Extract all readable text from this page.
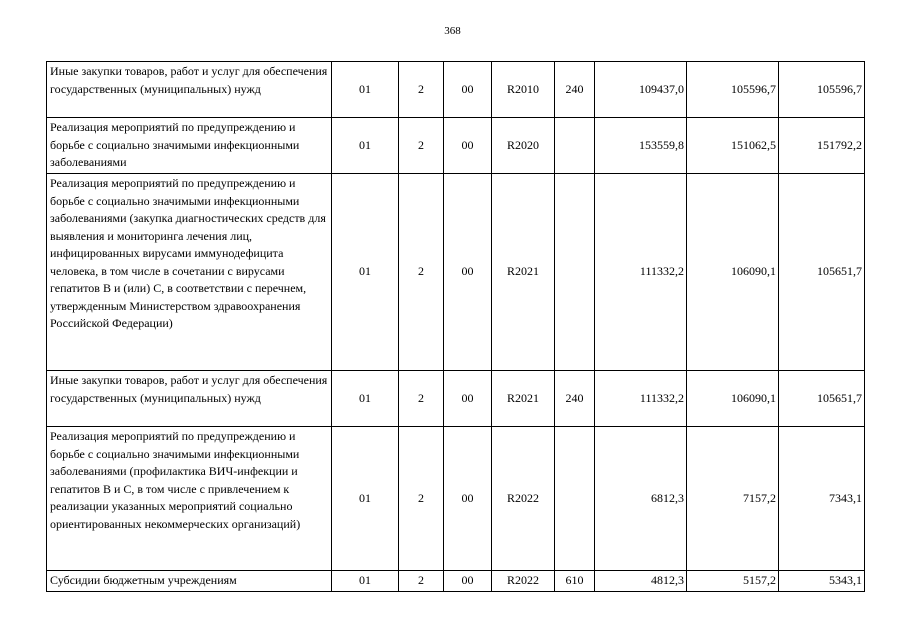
368
Иные закупки товаров, работ и услуг для обеспечения государственных (муниципальных) нужд	01	2	00	R2010	240	109437,0	105596,7	105596,7
Реализация мероприятий по предупреждению и борьбе с социально значимыми инфекционными заболеваниями	01	2	00	R2020		153559,8	151062,5	151792,2
Реализация мероприятий по предупреждению и борьбе с социально значимыми инфекционными заболеваниями (закупка диагностических средств для выявления и мониторинга лечения лиц, инфицированных вирусами иммунодефицита человека, в том числе в сочетании с вирусами гепатитов В и (или) С, в соответствии с перечнем, утвержденным Министерством здравоохранения Российской Федерации)	01	2	00	R2021		111332,2	106090,1	105651,7
Иные закупки товаров, работ и услуг для обеспечения государственных (муниципальных) нужд	01	2	00	R2021	240	111332,2	106090,1	105651,7
Реализация мероприятий по предупреждению и борьбе с социально значимыми инфекционными заболеваниями (профилактика ВИЧ-инфекции и гепатитов В и С, в том числе с привлечением к реализации указанных мероприятий социально ориентированных некоммерческих организаций)	01	2	00	R2022		6812,3	7157,2	7343,1
Субсидии бюджетным учреждениям	01	2	00	R2022	610	4812,3	5157,2	5343,1
